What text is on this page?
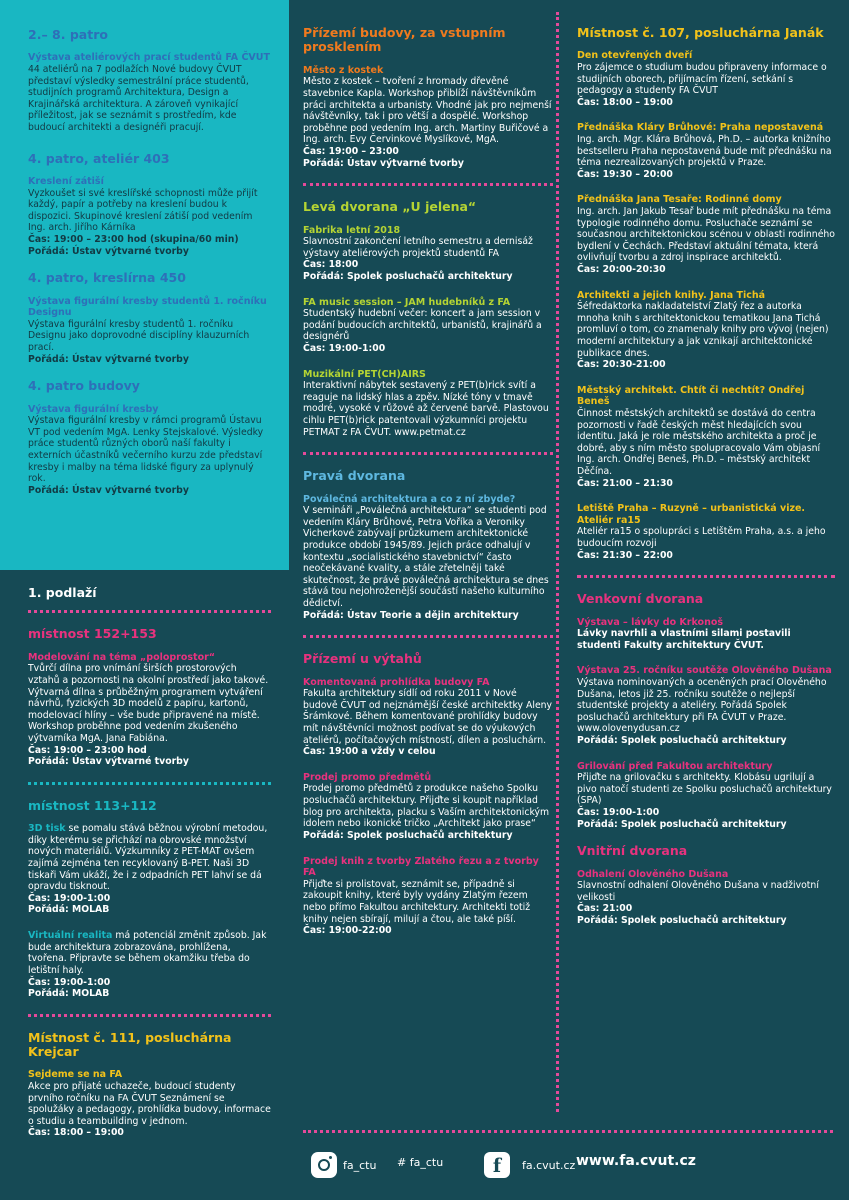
2.– 8. patro
Výstava ateliérových prací studentů FA ČVUT
44 ateliérů na 7 podlažích Nové budovy ČVUT představí výsledky semestrální práce studentů, studijních programů Architektura, Design a Krajinářská architektura. A zároveň vynikající příležitost, jak se seznámit s prostředím, kde budoucí architekti a designéři pracují.
4. patro, ateliér 403
Kreslení zátiší
Vyzkoušet si své kreslířské schopnosti může přijít každý, papír a potřeby na kreslení budou k dispozici. Skupinové kreslení zátiší pod vedením Ing. arch. Jiřího Kárníka
Čas: 19:00 – 23:00 hod (skupina/60 min)
Pořádá: Ústav výtvarné tvorby
4. patro, kreslírna 450
Výstava figurální kresby studentů 1. ročníku Designu
Výstava figurální kresby studentů 1. ročníku Designu jako doprovodné disciplíny klauzurních prací.
Pořádá: Ústav výtvarné tvorby
4. patro budovy
Výstava figurální kresby
Výstava figurální kresby v rámci programů Ústavu VT pod vedením MgA. Lenky Stejskalové. Výsledky práce studentů různých oborů naší fakulty i externích účastníků večerního kurzu zde představí kresby i malby na téma lidské figury za uplynulý rok.
Pořádá: Ústav výtvarné tvorby
1. podlaží
místnost 152+153
Modelování na téma „poloprostor“
Tvůrčí dílna pro vnímání širších prostorových vztahů a pozornosti na okolní prostředí jako takové. Výtvarná dílna s průběžným programem vytváření návrhů, fyzických 3D modelů z papíru, kartonů, modelovací hlíny – vše bude připravené na místě. Workshop proběhne pod vedením zkušeného výtvarníka MgA. Jana Fabiána.
Čas: 19:00 – 23:00 hod
Pořádá: Ústav výtvarné tvorby
místnost 113+112
3D tisk se pomalu stává běžnou výrobní metodou, díky kterému se přichází na obrovské množství nových materiálů. Výzkumníky z PET-MAT ovšem zajímá zejména ten recyklovaný B-PET. Naši 3D tiskaři Vám ukáží, že i z odpadních PET lahví se dá opravdu tisknout.
Čas: 19:00-1:00
Pořádá: MOLAB
Virtuální realita má potenciál změnit způsob. Jak bude architektura zobrazována, prohlížena, tvořena. Připravte se během okamžiku třeba do letištní haly.
Čas: 19:00-1:00
Pořádá: MOLAB
Místnost č. 111, posluchárna Krejcar
Sejdeme se na FA
Akce pro přijaté uchazeče, budoucí studenty prvního ročníku na FA ČVUT Seznámení se spolužáky a pedagogy, prohlídka budovy, informace o studiu a teambuilding v jednom.
Čas: 18:00 – 19:00
Přízemí budovy, za vstupním prosklením
Město z kostek
Město z kostek – tvoření z hromady dřevěné stavebnice Kapla. Workshop přiblíží návštěvníkům práci architekta a urbanisty. Vhodné jak pro nejmenší návštěvníky, tak i pro větší a dospělé. Workshop proběhne pod vedením Ing. arch. Martiny Buřičové a Ing. arch. Evy Červinkové Myslíkové, MgA.
Čas: 19:00 – 23:00
Pořádá: Ústav výtvarné tvorby
Levá dvorana „U jelena“
Fabrika letní 2018
Slavnostní zakončení letního semestru a dernisáž výstavy ateliérových projektů studentů FA
Čas: 18:00
Pořádá: Spolek posluchačů architektury
FA music session – JAM hudebníků z FA
Studentský hudební večer: koncert a jam session v podání budoucích architektů, urbanistů, krajinářů a designérů
Čas: 19:00-1:00
Muzikální PET(CH)AIRS
Interaktivní nábytek sestavený z PET(b)rick svítí a reaguje na lidský hlas a zpěv. Nízké tóny v tmavě modré, vysoké v růžové až červené barvě. Plastovou cihlu PET(b)rick patentovali výzkumníci projektu PETMAT z FA ČVUT. www.petmat.cz
Pravá dvorana
Poválečná architektura a co z ní zbyde?
V semináři „Poválečná architektura“ se studenti pod vedením Kláry Brůhové, Petra Voříka a Veroniky Vicherkové zabývají průzkumem architektonické produkce období 1945/89. Jejich práce odhalují v kontextu „socialistického stavebnictví“ často neočekávané kvality, a stále zřetelněji také skutečnost, že právě poválečná architektura se dnes stává tou nejohroženější součástí našeho kulturního dědictví.
Pořádá: Ústav Teorie a dějin architektury
Přízemí u výtahů
Komentovaná prohlídka budovy FA
Fakulta architektury sídlí od roku 2011 v Nové budově ČVUT od nejznámější české architektky Aleny Šrámkové. Během komentované prohlídky budovy mít návštěvníci možnost podívat se do výukových ateliérů, počítačových místností, dílen a posluchárn.
Čas: 19:00 a vždy v celou
Prodej promo předmětů
Prodej promo předmětů z produkce našeho Spolku posluchačů architektury. Přijďte si koupit například blog pro architekta, placku s Vaším architektonickým idolem nebo ikonické tričko „Architekt jako prase“
Pořádá: Spolek posluchačů architektury
Prodej knih z tvorby Zlatého řezu a z tvorby FA
Přijďte si prolistovat, seznámit se, případně si zakoupit knihy, které byly vydány Zlatým řezem nebo přímo Fakultou architektury. Architekti totiž knihy nejen sbírají, milují a čtou, ale také píší.
Čas: 19:00-22:00
Místnost č. 107, posluchárna Janák
Den otevřených dveří
Pro zájemce o studium budou připraveny informace o studijních oborech, přijímacím řízení, setkání s pedagogy a studenty FA ČVUT
Čas: 18:00 – 19:00
Přednáška Kláry Brůhové: Praha nepostavená
Ing. arch. Mgr. Klára Brůhová, Ph.D. – autorka knižního bestselleru Praha nepostavená bude mít přednášku na téma nezrealizovaných projektů v Praze.
Čas: 19:30 – 20:00
Přednáška Jana Tesaře: Rodinné domy
Ing. arch. Jan Jakub Tesař bude mít přednášku na téma typologie rodinného domu. Posluchače seznámí se současnou architektonickou scénou v oblasti rodinného bydlení v Čechách. Představí aktuální témata, která ovlivňují tvorbu a zdroj inspirace architektů.
Čas: 20:00-20:30
Architekti a jejich knihy. Jana Tichá
Šéfredaktorka nakladatelství Zlatý řez a autorka mnoha knih s architektonickou tematikou Jana Tichá promluví o tom, co znamenaly knihy pro vývoj (nejen) moderní architektury a jak vznikají architektonické publikace dnes.
Čas: 20:30-21:00
Městský architekt. Chtít či nechtít? Ondřej Beneš
Činnost městských architektů se dostává do centra pozornosti v řadě českých měst hledajících svou identitu. Jaká je role městského architekta a proč je dobré, aby s ním město spolupracovalo Vám objasní Ing. arch. Ondřej Beneš, Ph.D. – městský architekt Děčína.
Čas: 21:00 – 21:30
Letiště Praha – Ruzyně – urbanistická vize. Ateliér ra15
Ateliér ra15 o spolupráci s Letištěm Praha, a.s. a jeho budoucím rozvoji
Čas: 21:30 – 22:00
Venkovní dvorana
Výstava – lávky do Krkonoš
Lávky navrhli a vlastními silami postavili studenti Fakulty architektury ČVUT.
Výstava 25. ročníku soutěže Olověného Dušana
Výstava nominovaných a oceněných prací Olověného Dušana, letos již 25. ročníku soutěže o nejlepší studentské projekty a ateliéry. Pořádá Spolek posluchačů architektury při FA ČVUT v Praze. www.olovenydusan.cz
Pořádá: Spolek posluchačů architektury
Grilování před Fakultou architektury
Přijďte na grilovačku s architekty. Klobásu ugrilují a pivo natočí studenti ze Spolku posluchačů architektury (SPA)
Čas: 19:00-1:00
Pořádá: Spolek posluchačů architektury
Vnitřní dvorana
Odhalení Olověného Dušana
Slavnostní odhalení Olověného Dušana v nadživotní velikosti
Čas: 21:00
Pořádá: Spolek posluchačů architektury
fa_ctu # fa_ctu	f	fa.cvut.cz www.fa.cvut.cz
